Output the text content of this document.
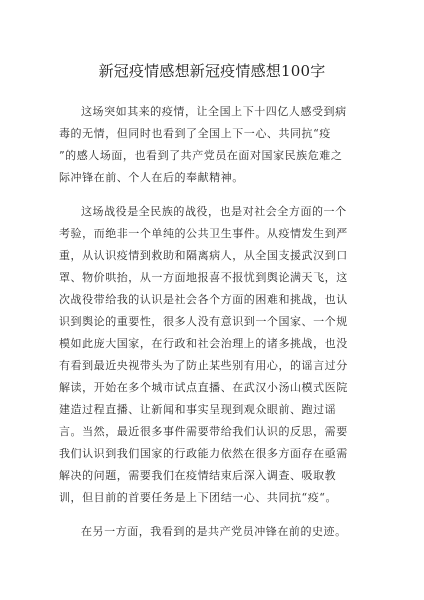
新冠疫情感想新冠疫情感想100字
这场突如其来的疫情，让全国上下十四亿人感受到病
毒的无情，但同时也看到了全国上下一心、共同抗“疫
”的感人场面，也看到了共产党员在面对国家民族危难之
际冲锋在前、个人在后的奉献精神。
这场战役是全民族的战役，也是对社会全方面的一个
考验，而绝非一个单纯的公共卫生事件。从疫情发生到严
重，从认识疫情到救助和隔离病人，从全国支援武汉到口
罩、物价哄抬，从一方面地报喜不报忧到舆论满天飞，这
次战役带给我的认识是社会各个方面的困难和挑战，也认
识到舆论的重要性，很多人没有意识到一个国家、一个规
模如此庞大国家，在行政和社会治理上的诸多挑战，也没
有看到最近央视带头为了防止某些别有用心，的谣言过分
解读，开始在多个城市试点直播、在武汉小汤山模式医院
建造过程直播、让新闻和事实呈现到观众眼前、跑过谣
言。当然，最近很多事件需要带给我们认识的反思，需要
我们认识到我们国家的行政能力依然在很多方面存在亟需
解决的问题，需要我们在疫情结束后深入调查、吸取教
训，但目前的首要任务是上下团结一心、共同抗“疫“。
在另一方面，我看到的是共产党员冲锋在前的史迹。
